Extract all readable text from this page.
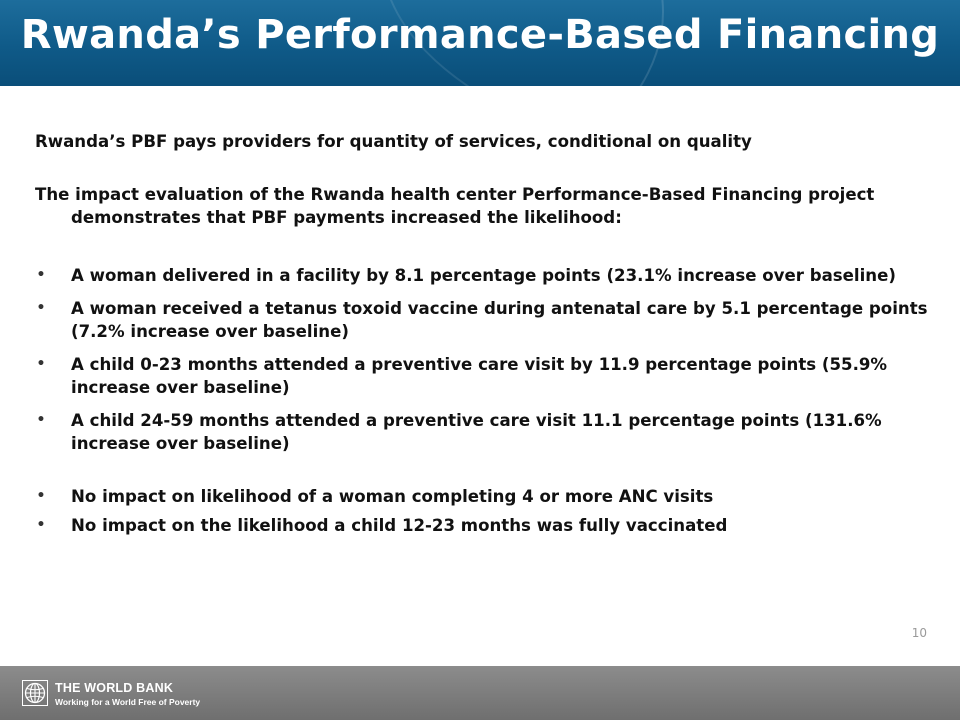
Rwanda’s Performance-Based Financing

Rwanda’s PBF pays providers for quantity of services, conditional on quality

The impact evaluation of the Rwanda health center Performance-Based Financing project demonstrates that PBF payments increased the likelihood:

• A woman delivered in a facility by 8.1 percentage points (23.1% increase over baseline)
• A woman received a tetanus toxoid vaccine during antenatal care by 5.1 percentage points (7.2% increase over baseline)
• A child 0-23 months attended a preventive care visit by 11.9 percentage points (55.9% increase over baseline)
• A child 24-59 months attended a preventive care visit 11.1 percentage points (131.6% increase over baseline)
• No impact on likelihood of a woman completing 4 or more ANC visits
• No impact on the likelihood a child 12-23 months was fully vaccinated
10
THE WORLD BANK
Working for a World Free of Poverty
